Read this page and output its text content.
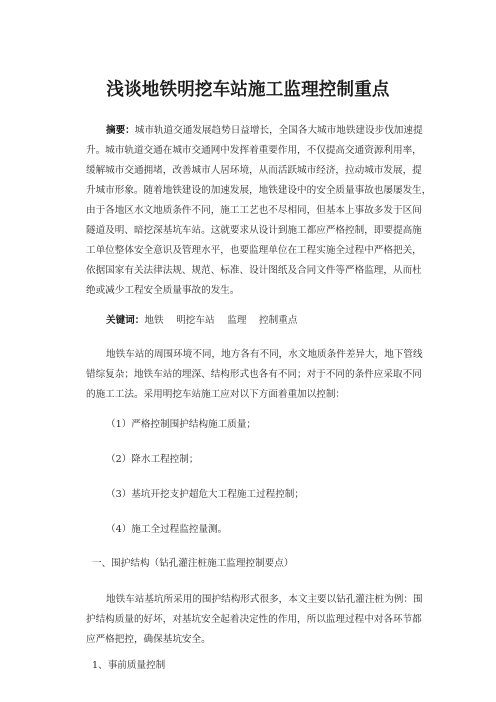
浅谈地铁明挖车站施工监理控制重点
摘要：城市轨道交通发展趋势日益增长，全国各大城市地铁建设步伐加速提
升。城市轨道交通在城市交通网中发挥着重要作用，不仅提高交通资源利用率，
缓解城市交通拥堵，改善城市人居环境，从而活跃城市经济，拉动城市发展，提
升城市形象。随着地铁建设的加速发展，地铁建设中的安全质量事故也屡屡发生，
由于各地区水文地质条件不同，施工工艺也不尽相同，但基本上事故多发于区间
隧道及明、暗挖深基坑车站。这就要求从设计到施工都应严格控制，即要提高施
工单位整体安全意识及管理水平，也要监理单位在工程实施全过程中严格把关，
依据国家有关法律法规、规范、标准、设计图纸及合同文件等严格监理，从而杜
绝或减少工程安全质量事故的发生。
关键词：地铁　 明挖车站　 监理　 控制重点
地铁车站的周围环境不同，地方各有不同，水文地质条件差异大，地下管线
错综复杂；地铁车站的埋深、结构形式也各有不同；对于不同的条件应采取不同
的施工工法。采用明挖车站施工应对以下方面着重加以控制：
（1）严格控制围护结构施工质量；
（2）降水工程控制；
（3）基坑开挖支护超危大工程施工过程控制；
（4）施工全过程监控量测。
一、围护结构（钻孔灌注桩施工监理控制要点）
地铁车站基坑所采用的围护结构形式很多，本文主要以钻孔灌注桩为例：围
护结构质量的好坏，对基坑安全起着决定性的作用，所以监理过程中对各环节都
应严格把控，确保基坑安全。
1、事前质量控制
